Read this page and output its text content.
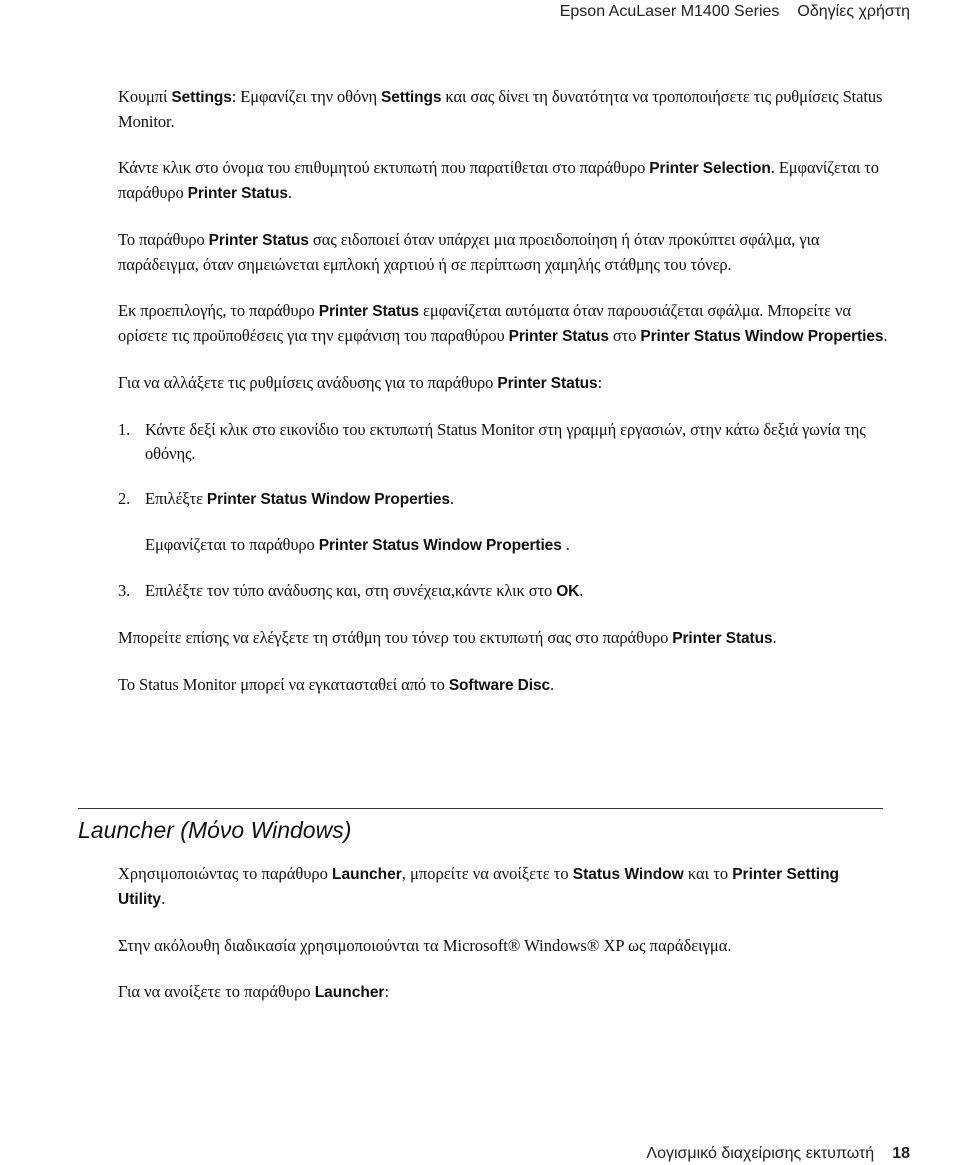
Epson AcuLaser M1400 Series Οδηγίες χρήστη

Κουμπί Settings: Εμφανίζει την οθόνη Settings και σας δίνει τη δυνατότητα να τροποποιήσετε τις ρυθμίσεις Status Monitor.

Κάντε κλικ στο όνομα του επιθυμητού εκτυπωτή που παρατίθεται στο παράθυρο Printer Selection. Εμφανίζεται το παράθυρο Printer Status.

Το παράθυρο Printer Status σας ειδοποιεί όταν υπάρχει μια προειδοποίηση ή όταν προκύπτει σφάλμα, για παράδειγμα, όταν σημειώνεται εμπλοκή χαρτιού ή σε περίπτωση χαμηλής στάθμης του τόνερ.

Εκ προεπιλογής, το παράθυρο Printer Status εμφανίζεται αυτόματα όταν παρουσιάζεται σφάλμα. Μπορείτε να ορίσετε τις προϋποθέσεις για την εμφάνιση του παραθύρου Printer Status στο Printer Status Window Properties.

Για να αλλάξετε τις ρυθμίσεις ανάδυσης για το παράθυρο Printer Status:

1. Κάντε δεξί κλικ στο εικονίδιο του εκτυπωτή Status Monitor στη γραμμή εργασιών, στην κάτω δεξιά γωνία της οθόνης.
2. Επιλέξτε Printer Status Window Properties.

Εμφανίζεται το παράθυρο Printer Status Window Properties .

3. Επιλέξτε τον τύπο ανάδυσης και, στη συνέχεια,κάντε κλικ στο OK.

Μπορείτε επίσης να ελέγξετε τη στάθμη του τόνερ του εκτυπωτή σας στο παράθυρο Printer Status.

Το Status Monitor μπορεί να εγκατασταθεί από το Software Disc.

Launcher (Μόνο Windows)

Χρησιμοποιώντας το παράθυρο Launcher, μπορείτε να ανοίξετε το Status Window και το Printer Setting Utility.

Στην ακόλουθη διαδικασία χρησιμοποιούνται τα Microsoft® Windows® XP ως παράδειγμα.

Για να ανοίξετε το παράθυρο Launcher:

Λογισμικό διαχείρισης εκτυπωτή 18
